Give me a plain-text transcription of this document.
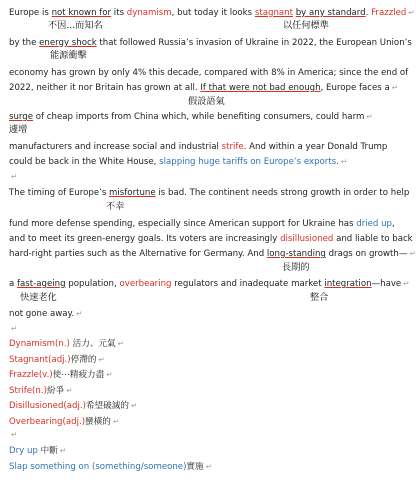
Europe is not known for its dynamism, but today it looks stagnant by any standard. Frazzled ↵
不因...而知名	以任何標準
by the energy shock that followed Russia’s invasion of Ukraine in 2022, the European Union’s
能源衝擊
economy has grown by only 4% this decade, compared with 8% in America; since the end of
2022, neither it nor Britain has grown at all. If that were not bad enough, Europe faces a ↵
假設語氣
surge of cheap imports from China which, while benefiting consumers, could harm ↵
遽增
manufacturers and increase social and industrial strife. And within a year Donald Trump
could be back in the White House, slapping huge tariffs on Europe’s exports. ↵
↵
The timing of Europe’s misfortune is bad. The continent needs strong growth in order to help
不幸
fund more defense spending, especially since American support for Ukraine has dried up,
and to meet its green-energy goals. Its voters are increasingly disillusioned and liable to back
hard-right parties such as the Alternative for Germany. And long-standing drags on growth— ↵
長期的
a fast-ageing population, overbearing regulators and inadequate market integration—have ↵
快速老化	整合
not gone away. ↵
↵
Dynamism(n.) 活力、元氣 ↵
Stagnant(adj.)停滯的 ↵
Frazzle(v.)使⋯精疲力盡 ↵
Strife(n.)紛爭 ↵
Disillusioned(adj.)希望破滅的 ↵
Overbearing(adj.)蠻橫的 ↵
↵
Dry up 中斷 ↵
Slap something on (something/someone)實施 ↵
